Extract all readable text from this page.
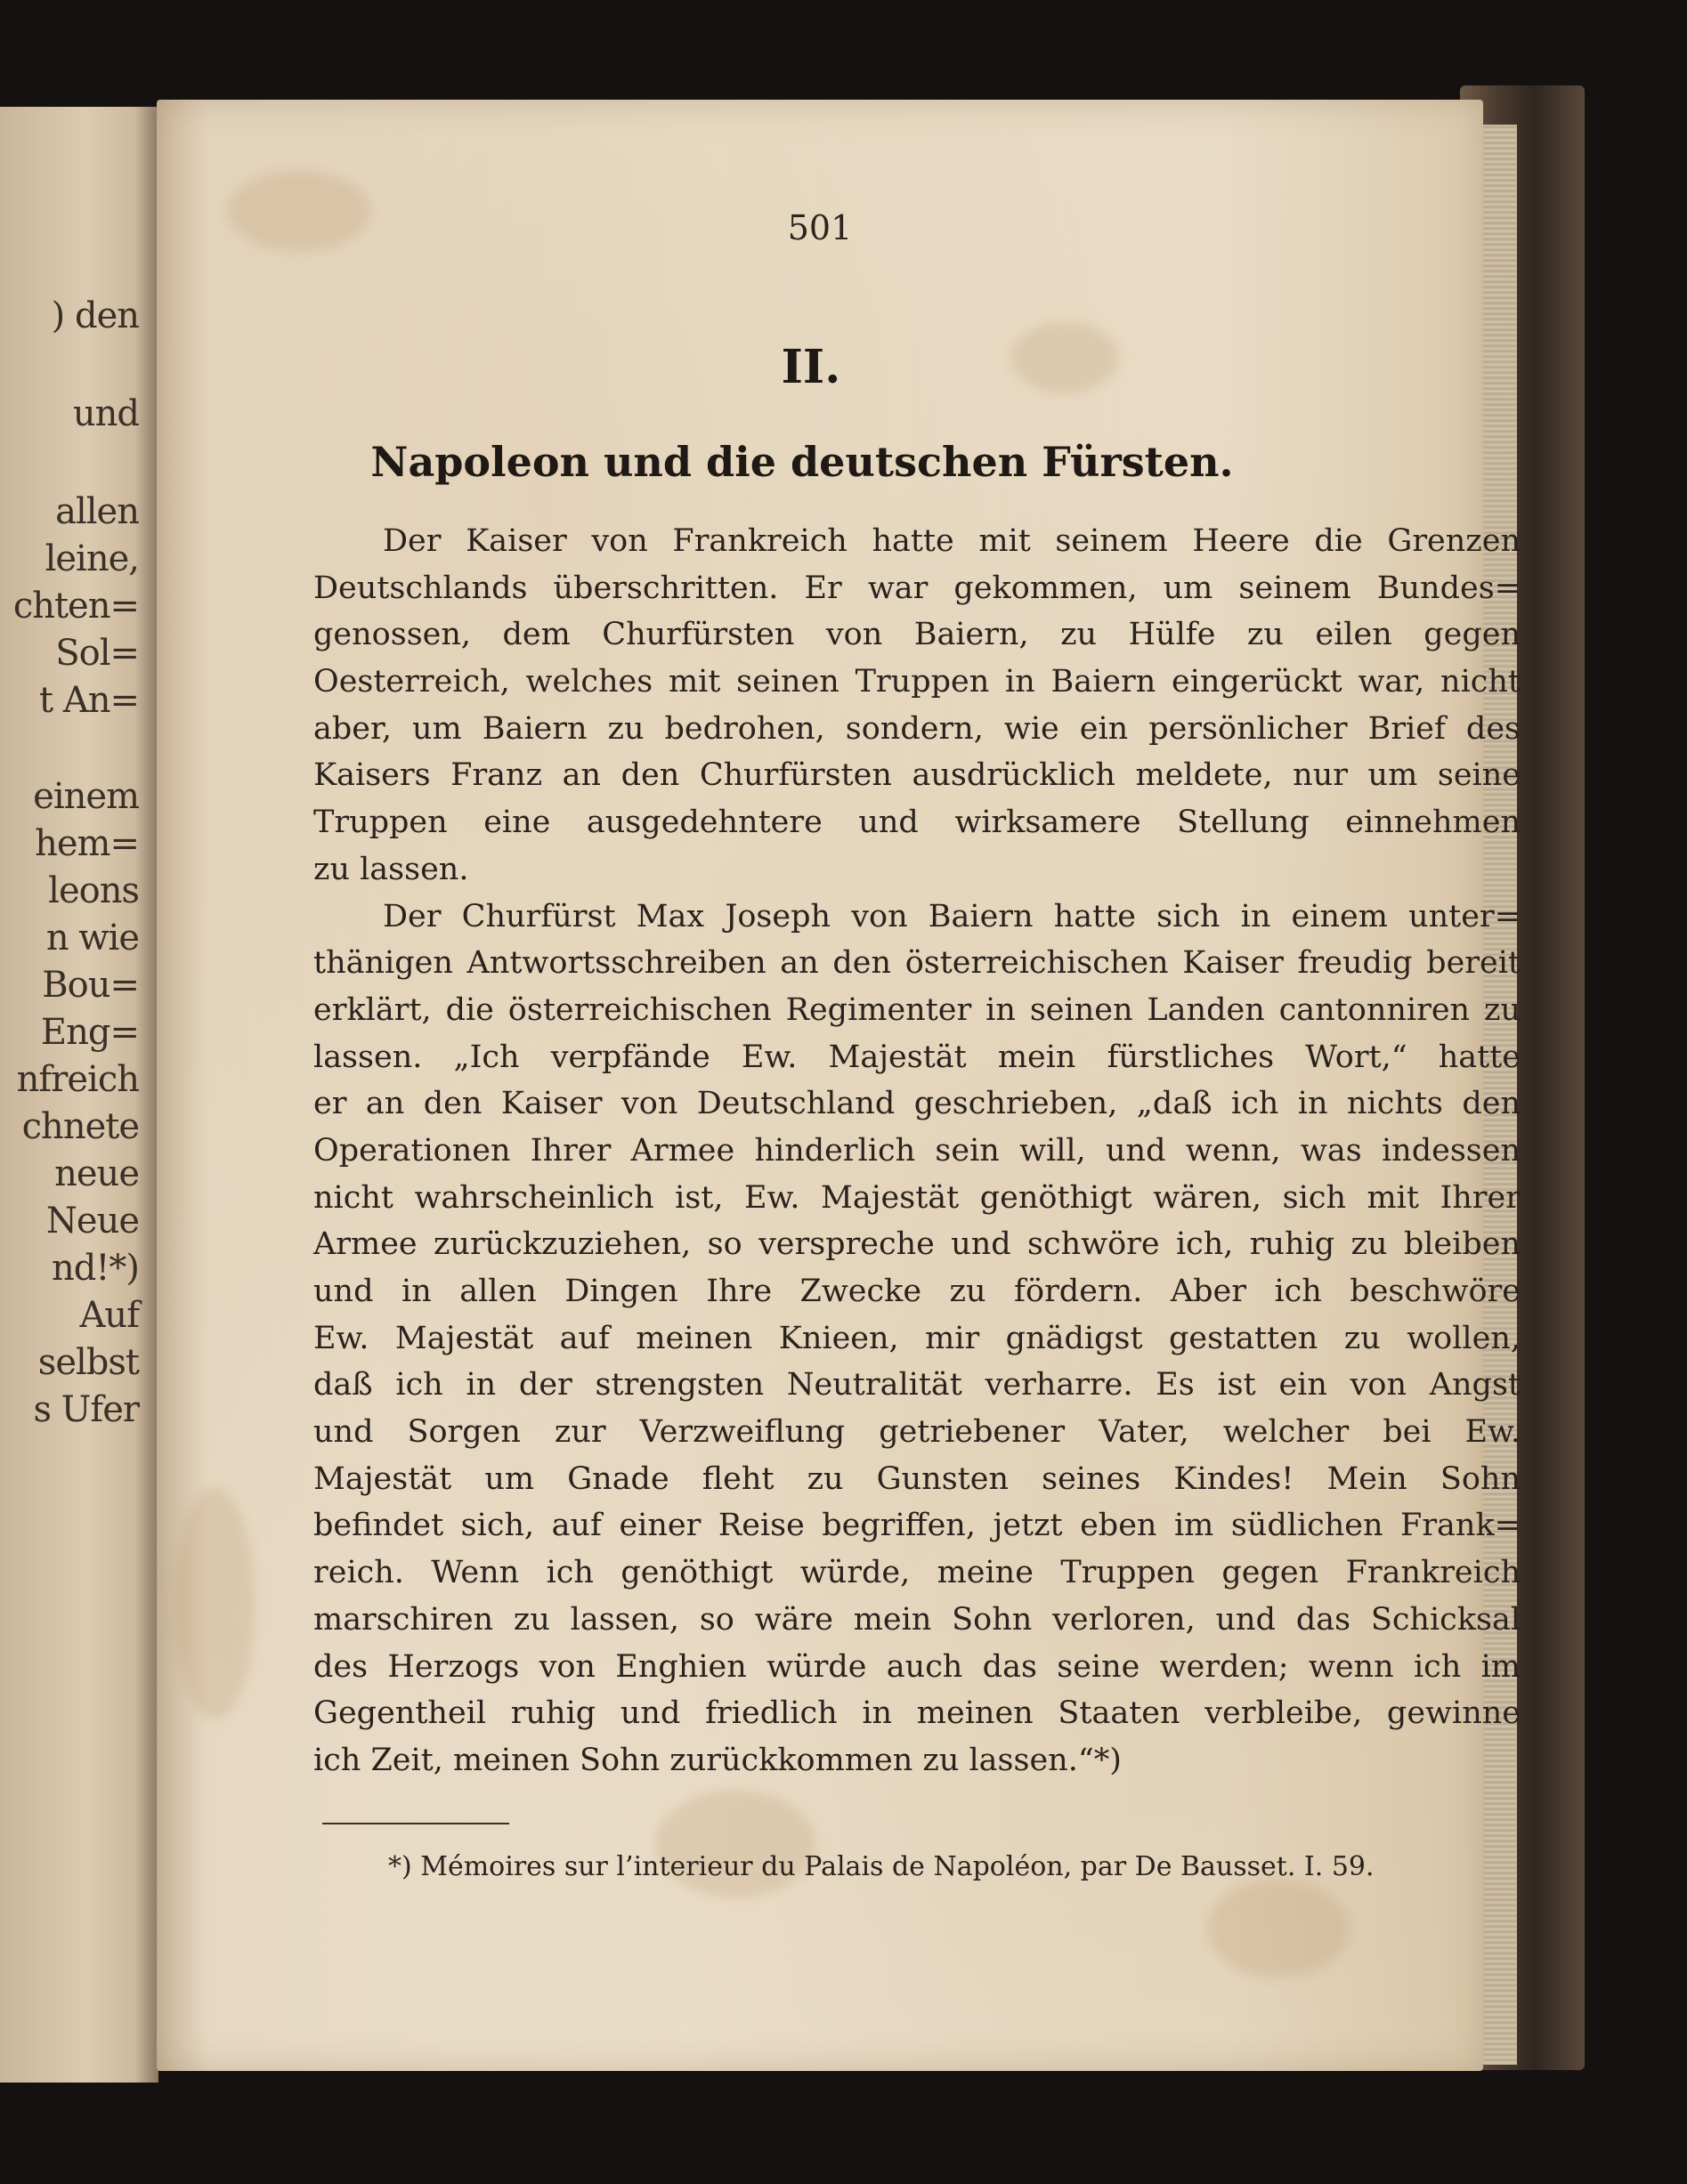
) den
und
allen
leine,
chten=
Sol=
t An=
einem
hem=
leons
n wie
Bou=
Eng=
nfreich
chnete
neue
Neue
nd!*)
Auf
selbst
s Ufer
501
II.
Napoleon und die deutschen Fürsten.
Der Kaiser von Frankreich hatte mit seinem Heere die Grenzen
Deutschlands überschritten. Er war gekommen, um seinem Bundes=
genossen, dem Churfürsten von Baiern, zu Hülfe zu eilen gegen
Oesterreich, welches mit seinen Truppen in Baiern eingerückt war, nicht
aber, um Baiern zu bedrohen, sondern, wie ein persönlicher Brief des
Kaisers Franz an den Churfürsten ausdrücklich meldete, nur um seine
Truppen eine ausgedehntere und wirksamere Stellung einnehmen
zu lassen.
Der Churfürst Max Joseph von Baiern hatte sich in einem unter=
thänigen Antwortsschreiben an den österreichischen Kaiser freudig bereit
erklärt, die österreichischen Regimenter in seinen Landen cantonniren zu
lassen. „Ich verpfände Ew. Majestät mein fürstliches Wort,“ hatte
er an den Kaiser von Deutschland geschrieben, „daß ich in nichts den
Operationen Ihrer Armee hinderlich sein will, und wenn, was indessen
nicht wahrscheinlich ist, Ew. Majestät genöthigt wären, sich mit Ihrer
Armee zurückzuziehen, so verspreche und schwöre ich, ruhig zu bleiben
und in allen Dingen Ihre Zwecke zu fördern. Aber ich beschwöre
Ew. Majestät auf meinen Knieen, mir gnädigst gestatten zu wollen,
daß ich in der strengsten Neutralität verharre. Es ist ein von Angst
und Sorgen zur Verzweiflung getriebener Vater, welcher bei Ew.
Majestät um Gnade fleht zu Gunsten seines Kindes! Mein Sohn
befindet sich, auf einer Reise begriffen, jetzt eben im südlichen Frank=
reich. Wenn ich genöthigt würde, meine Truppen gegen Frankreich
marschiren zu lassen, so wäre mein Sohn verloren, und das Schicksal
des Herzogs von Enghien würde auch das seine werden; wenn ich im
Gegentheil ruhig und friedlich in meinen Staaten verbleibe, gewinne
ich Zeit, meinen Sohn zurückkommen zu lassen.“*)
*) Mémoires sur l’interieur du Palais de Napoléon, par De Bausset. I. 59.
